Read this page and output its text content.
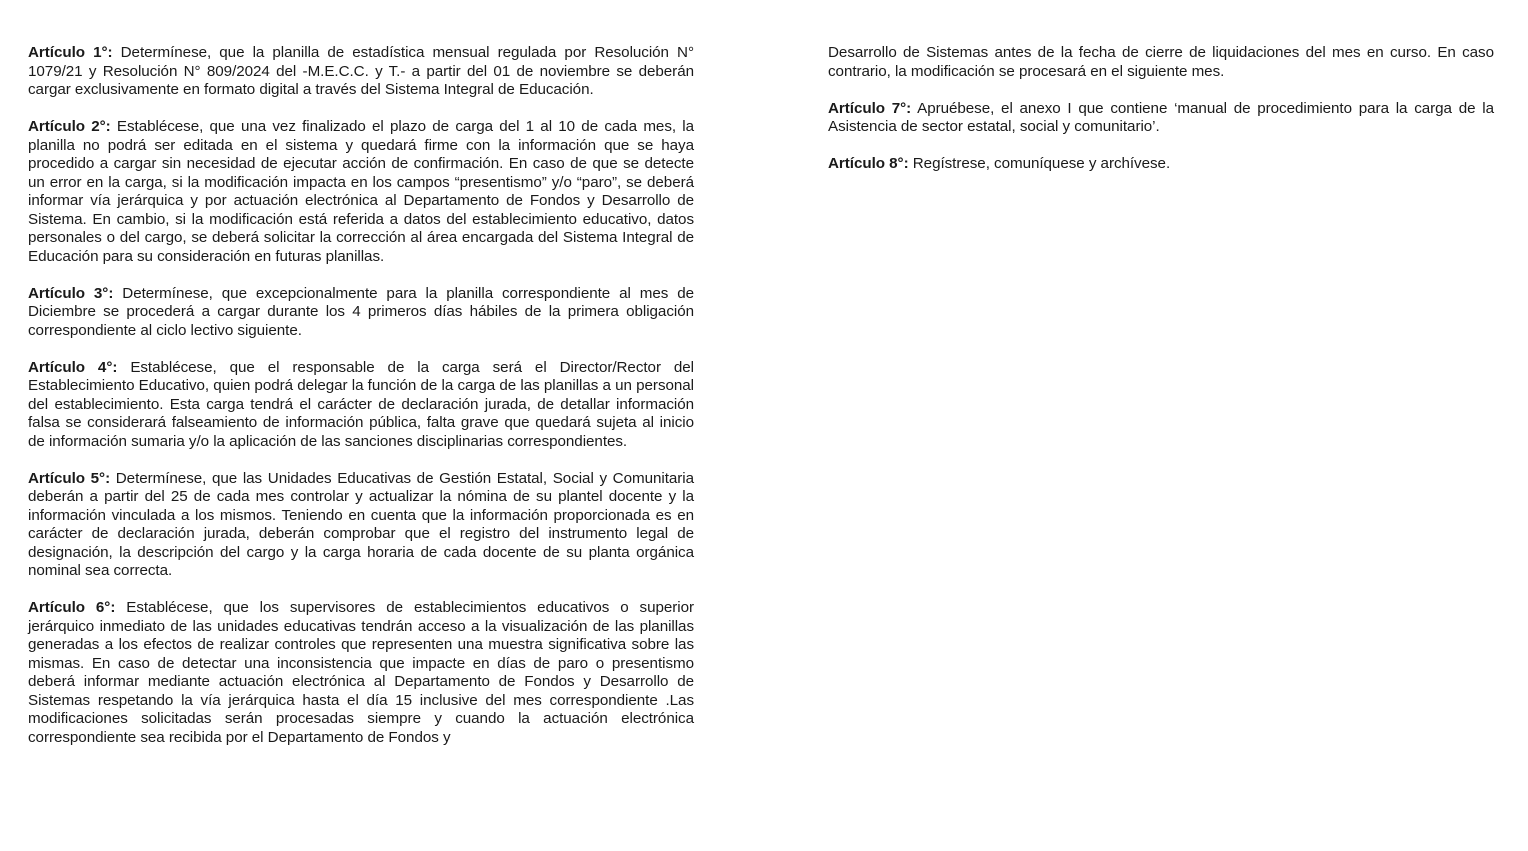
Artículo 1°: Determínese, que la planilla de estadística mensual regulada por Resolución N° 1079/21 y Resolución N° 809/2024 del -M.E.C.C. y T.- a partir del 01 de noviembre se deberán cargar exclusivamente en formato digital a través del Sistema Integral de Educación.

Artículo 2°: Establécese, que una vez finalizado el plazo de carga del 1 al 10 de cada mes, la planilla no podrá ser editada en el sistema y quedará firme con la información que se haya procedido a cargar sin necesidad de ejecutar acción de confirmación. En caso de que se detecte un error en la carga, si la modificación impacta en los campos “presentismo” y/o “paro”, se deberá informar vía jerárquica y por actuación electrónica al Departamento de Fondos y Desarrollo de Sistema. En cambio, si la modificación está referida a datos del establecimiento educativo, datos personales o del cargo, se deberá solicitar la corrección al área encargada del Sistema Integral de Educación para su consideración en futuras planillas.

Artículo 3°: Determínese, que excepcionalmente para la planilla correspondiente al mes de Diciembre se procederá a cargar durante los 4 primeros días hábiles de la primera obligación correspondiente al ciclo lectivo siguiente.

Artículo 4°: Establécese, que el responsable de la carga será el Director/Rector del Establecimiento Educativo, quien podrá delegar la función de la carga de las planillas a un personal del establecimiento. Esta carga tendrá el carácter de declaración jurada, de detallar información falsa se considerará falseamiento de información pública, falta grave que quedará sujeta al inicio de información sumaria y/o la aplicación de las sanciones disciplinarias correspondientes.

Artículo 5°: Determínese, que las Unidades Educativas de Gestión Estatal, Social y Comunitaria deberán a partir del 25 de cada mes controlar y actualizar la nómina de su plantel docente y la información vinculada a los mismos. Teniendo en cuenta que la información proporcionada es en carácter de declaración jurada, deberán comprobar que el registro del instrumento legal de designación, la descripción del cargo y la carga horaria de cada docente de su planta orgánica nominal sea correcta.

Artículo 6°: Establécese, que los supervisores de establecimientos educativos o superior jerárquico inmediato de las unidades educativas tendrán acceso a la visualización de las planillas generadas a los efectos de realizar controles que representen una muestra significativa sobre las mismas. En caso de detectar una inconsistencia que impacte en días de paro o presentismo deberá informar mediante actuación electrónica al Departamento de Fondos y Desarrollo de Sistemas respetando la vía jerárquica hasta el día 15 inclusive del mes correspondiente .Las modificaciones solicitadas serán procesadas siempre y cuando la actuación electrónica correspondiente sea recibida por el Departamento de Fondos y

Desarrollo de Sistemas antes de la fecha de cierre de liquidaciones del mes en curso. En caso contrario, la modificación se procesará en el siguiente mes.

Artículo 7°: Apruébese, el anexo I que contiene ‘manual de procedimiento para la carga de la Asistencia de sector estatal, social y comunitario’.

Artículo 8°: Regístrese, comuníquese y archívese.
